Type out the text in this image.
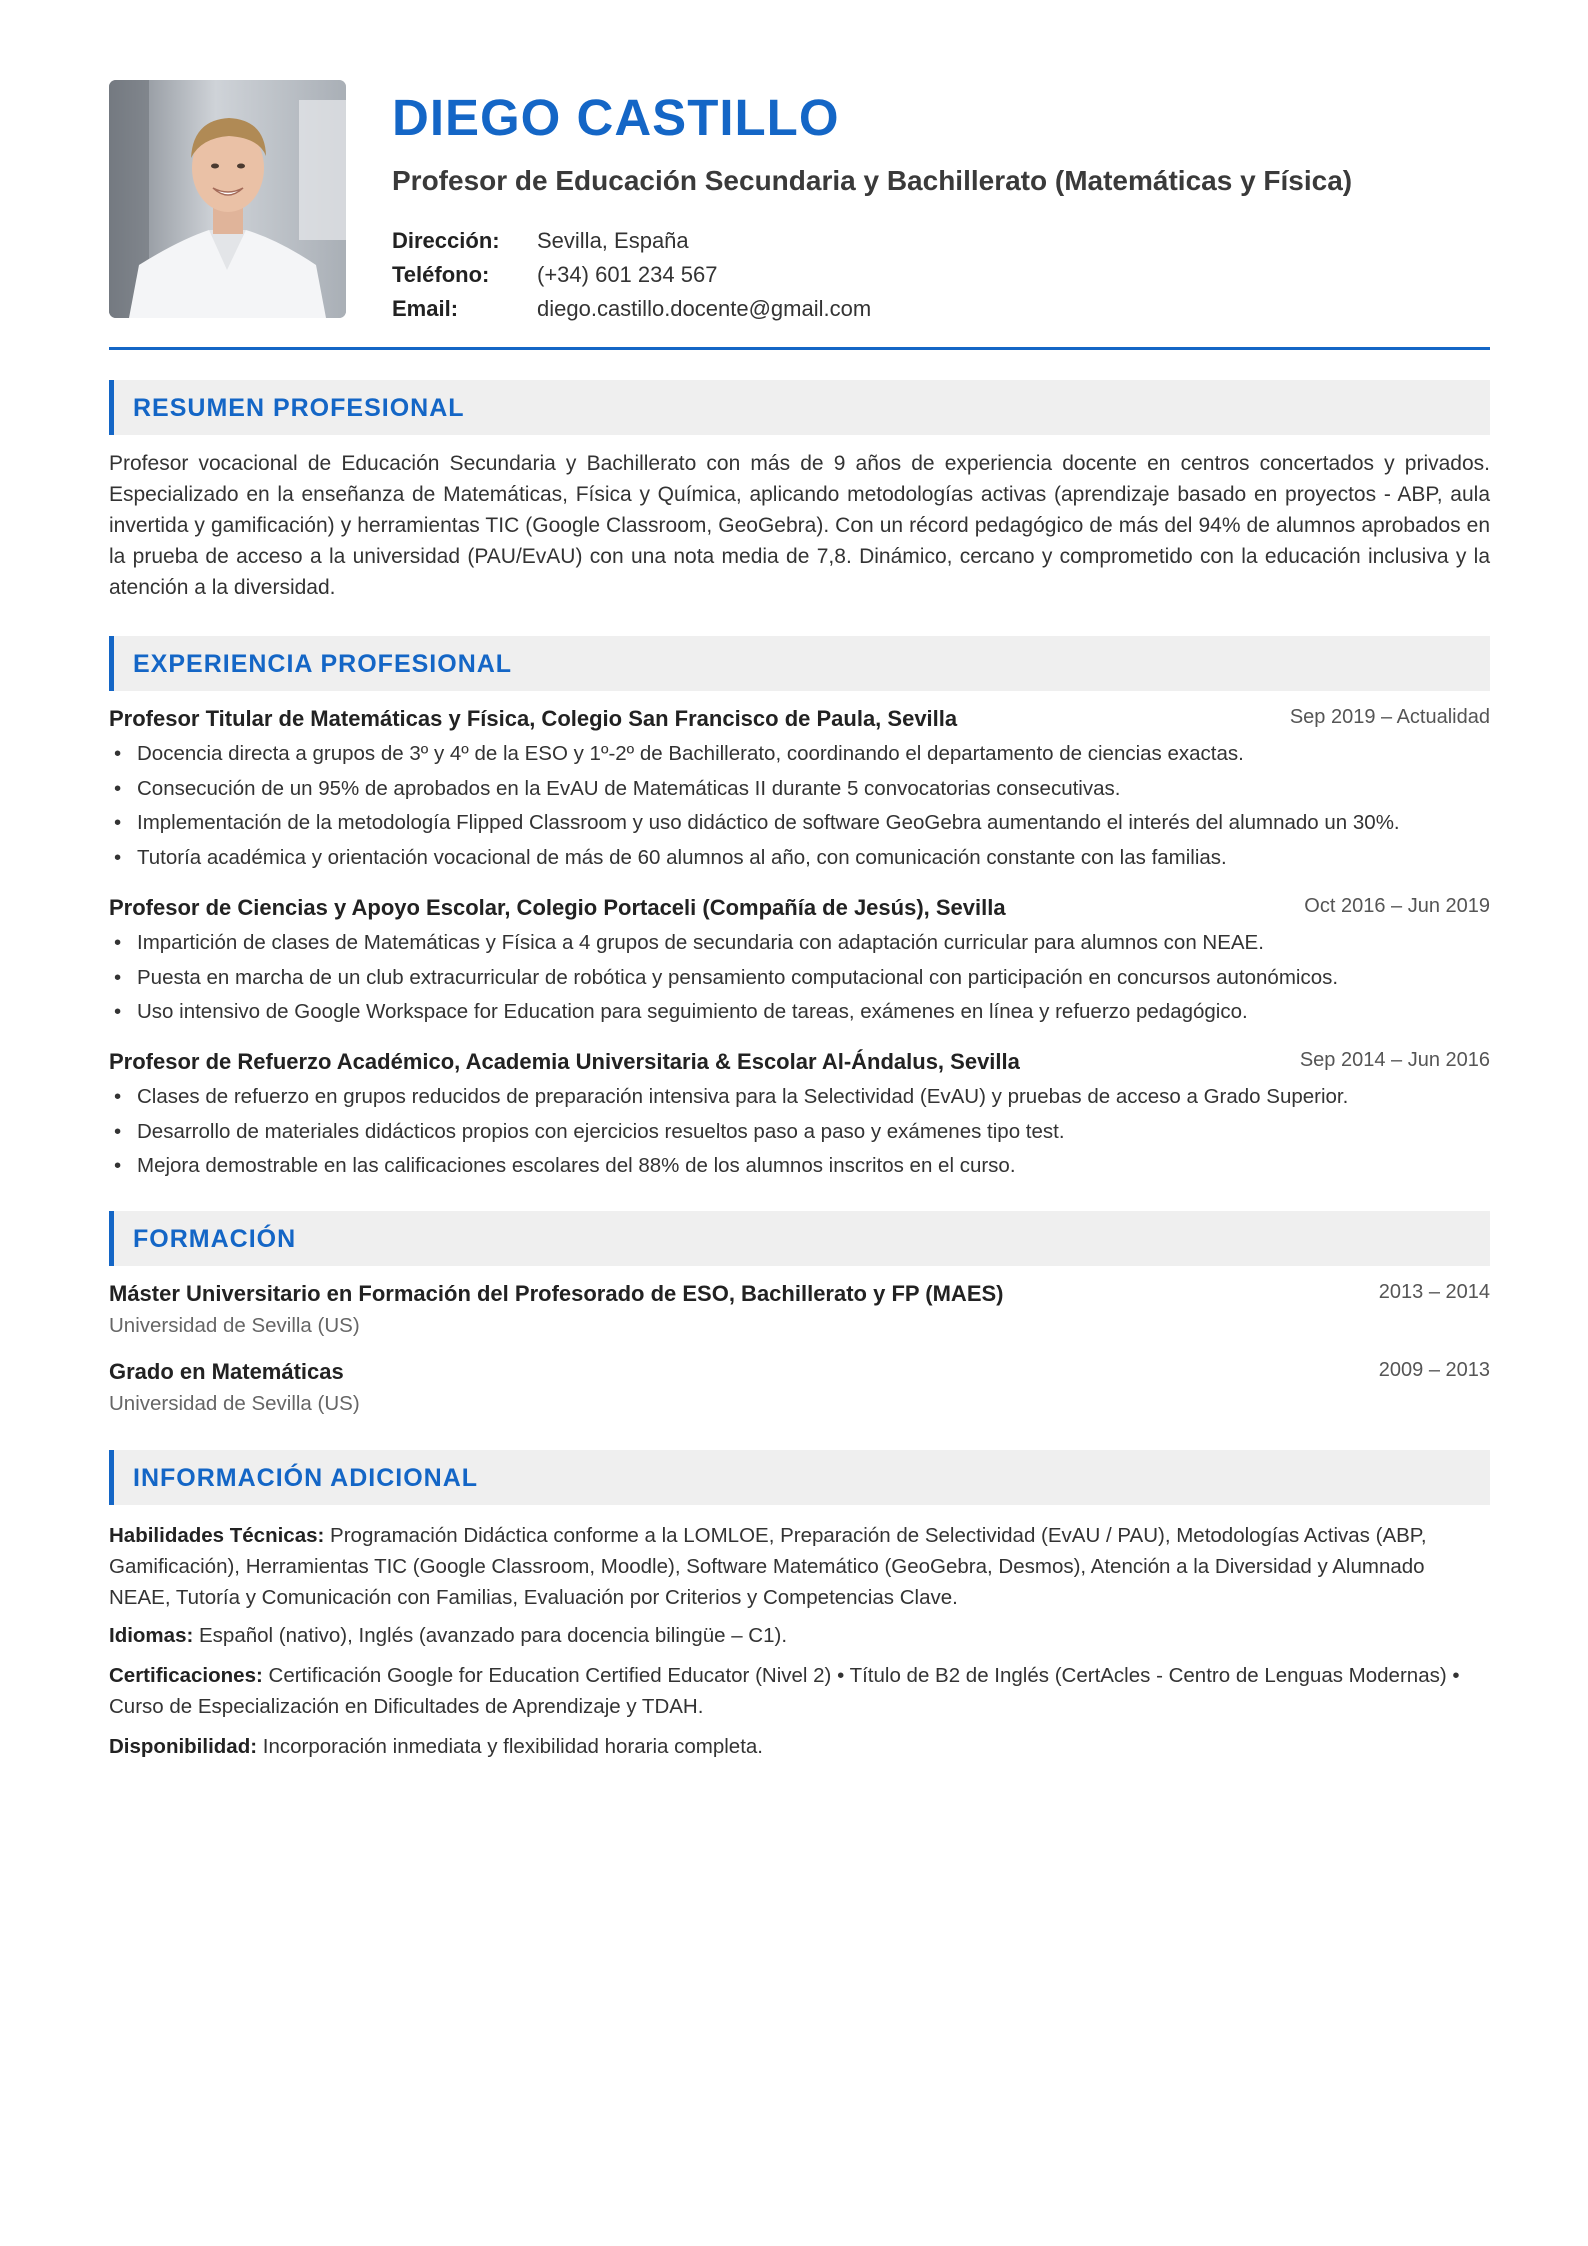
DIEGO CASTILLO
Profesor de Educación Secundaria y Bachillerato (Matemáticas y Física)
Dirección:	Sevilla, España
Teléfono:	(+34) 601 234 567
Email:	diego.castillo.docente@gmail.com
RESUMEN PROFESIONAL
Profesor vocacional de Educación Secundaria y Bachillerato con más de 9 años de experiencia docente en centros concertados y privados. Especializado en la enseñanza de Matemáticas, Física y Química, aplicando metodologías activas (aprendizaje basado en proyectos - ABP, aula invertida y gamificación) y herramientas TIC (Google Classroom, GeoGebra). Con un récord pedagógico de más del 94% de alumnos aprobados en la prueba de acceso a la universidad (PAU/EvAU) con una nota media de 7,8. Dinámico, cercano y comprometido con la educación inclusiva y la atención a la diversidad.
EXPERIENCIA PROFESIONAL
Profesor Titular de Matemáticas y Física, Colegio San Francisco de Paula, Sevilla	Sep 2019 – Actualidad
• Docencia directa a grupos de 3º y 4º de la ESO y 1º-2º de Bachillerato, coordinando el departamento de ciencias exactas.
• Consecución de un 95% de aprobados en la EvAU de Matemáticas II durante 5 convocatorias consecutivas.
• Implementación de la metodología Flipped Classroom y uso didáctico de software GeoGebra aumentando el interés del alumnado un 30%.
• Tutoría académica y orientación vocacional de más de 60 alumnos al año, con comunicación constante con las familias.
Profesor de Ciencias y Apoyo Escolar, Colegio Portaceli (Compañía de Jesús), Sevilla	Oct 2016 – Jun 2019
• Impartición de clases de Matemáticas y Física a 4 grupos de secundaria con adaptación curricular para alumnos con NEAE.
• Puesta en marcha de un club extracurricular de robótica y pensamiento computacional con participación en concursos autonómicos.
• Uso intensivo de Google Workspace for Education para seguimiento de tareas, exámenes en línea y refuerzo pedagógico.
Profesor de Refuerzo Académico, Academia Universitaria & Escolar Al-Ándalus, Sevilla	Sep 2014 – Jun 2016
• Clases de refuerzo en grupos reducidos de preparación intensiva para la Selectividad (EvAU) y pruebas de acceso a Grado Superior.
• Desarrollo de materiales didácticos propios con ejercicios resueltos paso a paso y exámenes tipo test.
• Mejora demostrable en las calificaciones escolares del 88% de los alumnos inscritos en el curso.
FORMACIÓN
Máster Universitario en Formación del Profesorado de ESO, Bachillerato y FP (MAES)	2013 – 2014
Universidad de Sevilla (US)
Grado en Matemáticas	2009 – 2013
Universidad de Sevilla (US)
INFORMACIÓN ADICIONAL
Habilidades Técnicas: Programación Didáctica conforme a la LOMLOE, Preparación de Selectividad (EvAU / PAU), Metodologías Activas (ABP, Gamificación), Herramientas TIC (Google Classroom, Moodle), Software Matemático (GeoGebra, Desmos), Atención a la Diversidad y Alumnado NEAE, Tutoría y Comunicación con Familias, Evaluación por Criterios y Competencias Clave.
Idiomas: Español (nativo), Inglés (avanzado para docencia bilingüe – C1).
Certificaciones: Certificación Google for Education Certified Educator (Nivel 2) • Título de B2 de Inglés (CertAcles - Centro de Lenguas Modernas) • Curso de Especialización en Dificultades de Aprendizaje y TDAH.
Disponibilidad: Incorporación inmediata y flexibilidad horaria completa.
